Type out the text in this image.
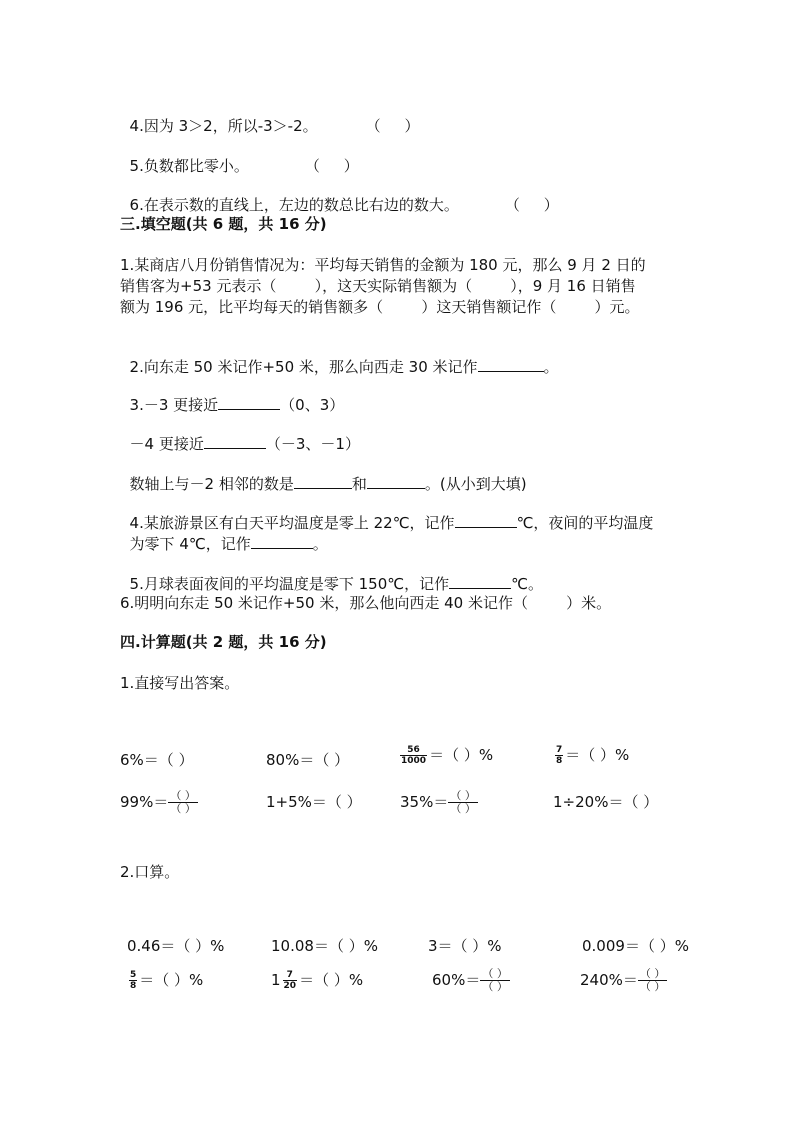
4.因为 3＞2，所以-3＞-2。	（     ）

5.负数都比零小。	（     ）

6.在表示数的直线上，左边的数总比右边的数大。	（     ）

三.填空题(共 6 题，共 16 分)
1.某商店八月份销售情况为：平均每天销售的金额为 180 元，那么 9 月 2 日的
销售客为+53 元表示（        ），这天实际销售额为（        ），9 月 16 日销售
额为 196 元，比平均每天的销售额多（        ）这天销售额记作（        ）元。

2.向东走 50 米记作+50 米，那么向西走 30 米记作	。

3.－3 更接近	（0、3）

－4 更接近	（－3、－1）

数轴上与－2 相邻的数是	和	。(从小到大填)

4.某旅游景区有白天平均温度是零上 22℃，记作	℃，夜间的平均温度

为零下 4℃，记作	。

5.月球表面夜间的平均温度是零下 150℃，记作	℃。

6.明明向东走 50 米记作+50 米，那么他向西走 40 米记作（        ）米。
四.计算题(共 2 题，共 16 分)
1.直接写出答案。
6%＝（ ）	80%＝（ ）	$\frac{56}{1000}$ ＝（ ）%	$\frac{7}{8}$ ＝（ ）%
$99\%= \frac{( )}{( )}$	1+5%＝（ ）	$35\%= \frac{( )}{( )}$	1÷20%＝（ ）
2.口算。
0.46＝（ ）%	10.08＝（ ）%	3＝（ ）%	0.009＝（ ）%
$\frac{5}{8}$ ＝（ ）%	$1 \frac{7}{20}$ ＝（ ）%	$60\%= \frac{( )}{( )}$	$240\%= \frac{( )}{( )}$
